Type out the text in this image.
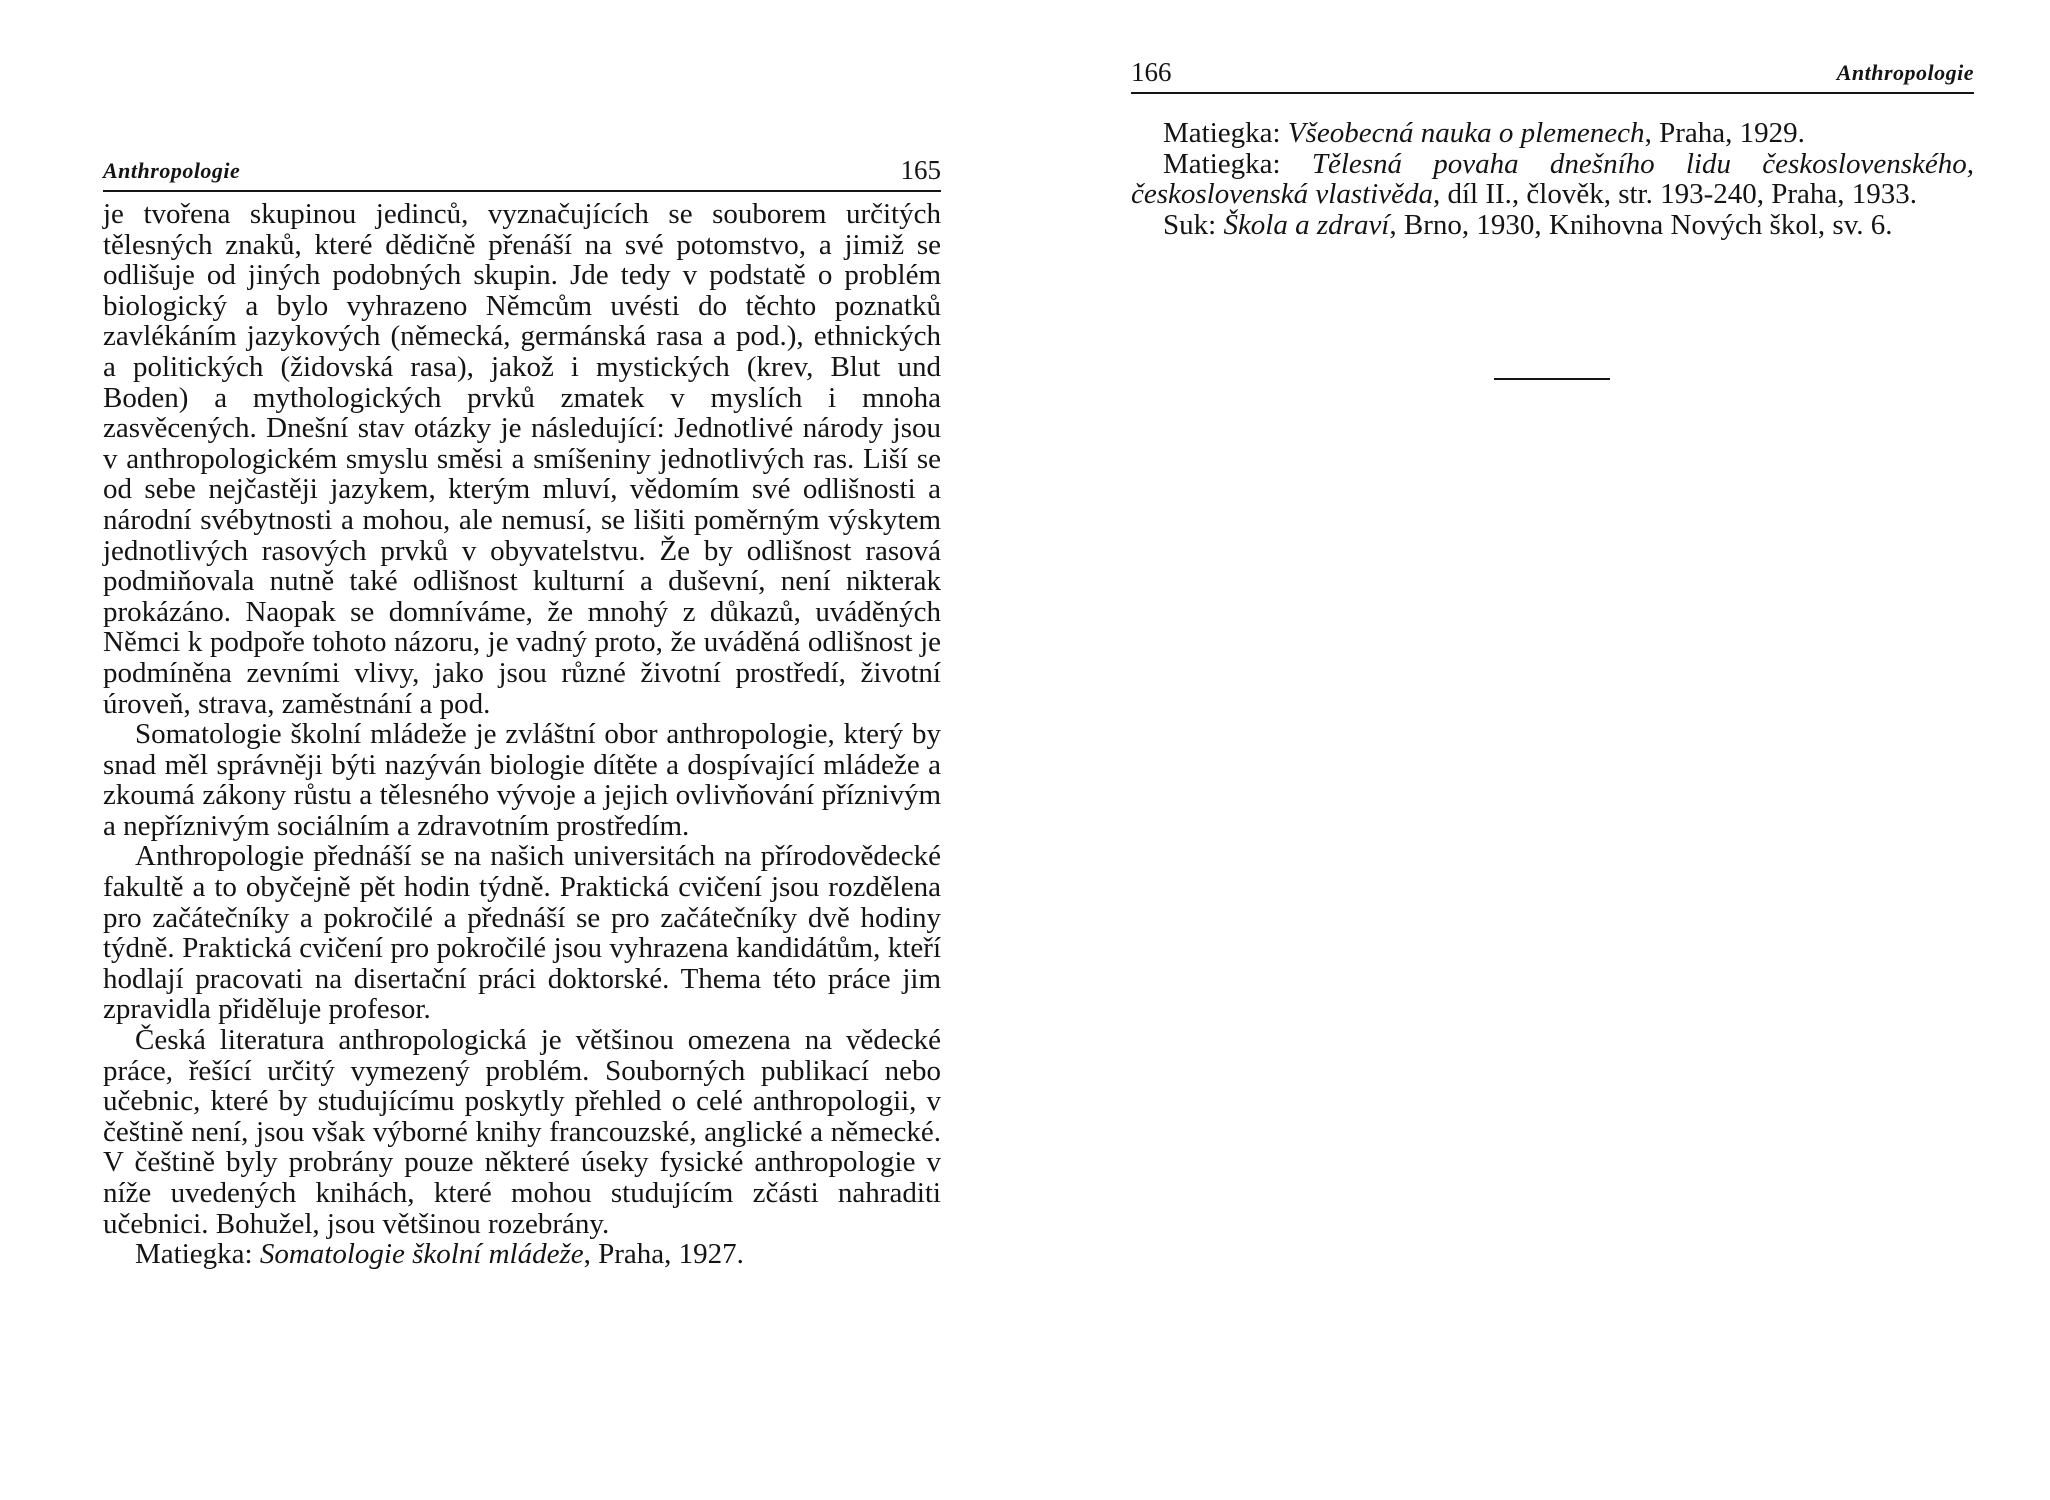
Anthropologie	165

je tvořena skupinou jedinců, vyznačujících se souborem určitých tělesných znaků, které dědičně přenáší na své potomstvo, a jimiž se odlišuje od jiných podobných skupin. Jde tedy v podstatě o problém biologický a bylo vyhrazeno Němcům uvésti do těchto poznatků zavlékáním jazykových (německá, germánská rasa a pod.), ethnických a politických (židovská rasa), jakož i mystických (krev, Blut und Boden) a mythologických prvků zmatek v myslích i mnoha zasvěcených. Dnešní stav otázky je následující: Jednotlivé národy jsou v anthropologickém smyslu směsi a smíšeniny jednotlivých ras. Liší se od sebe nejčastěji jazykem, kterým mluví, vědomím své odlišnosti a národní svébytnosti a mohou, ale nemusí, se lišiti poměrným výskytem jednotlivých rasových prvků v obyvatelstvu. Že by odlišnost rasová podmiňovala nutně také odlišnost kulturní a duševní, není nikterak prokázáno. Naopak se domníváme, že mnohý z důkazů, uváděných Němci k podpoře tohoto názoru, je vadný proto, že uváděná odlišnost je podmíněna zevními vlivy, jako jsou různé životní prostředí, životní úroveň, strava, zaměstnání a pod.

Somatologie školní mládeže je zvláštní obor anthropologie, který by snad měl správněji býti nazýván biologie dítěte a dospívající mládeže a zkoumá zákony růstu a tělesného vývoje a jejich ovlivňování příznivým a nepříznivým sociálním a zdravotním prostředím.

Anthropologie přednáší se na našich universitách na přírodovědecké fakultě a to obyčejně pět hodin týdně. Praktická cvičení jsou rozdělena pro začátečníky a pokročilé a přednáší se pro začátečníky dvě hodiny týdně. Praktická cvičení pro pokročilé jsou vyhrazena kandidátům, kteří hodlají pracovati na disertační práci doktorské. Thema této práce jim zpravidla přiděluje profesor.

Česká literatura anthropologická je většinou omezena na vědecké práce, řešící určitý vymezený problém. Souborných publikací nebo učebnic, které by studujícímu poskytly přehled o celé anthropologii, v češtině není, jsou však výborné knihy francouzské, anglické a německé. V češtině byly probrány pouze některé úseky fysické anthropologie v níže uvedených knihách, které mohou studujícím zčásti nahraditi učebnici. Bohužel, jsou většinou rozebrány.

Matiegka: Somatologie školní mládeže, Praha, 1927.

166	Anthropologie

Matiegka: Všeobecná nauka o plemenech, Praha, 1929.

Matiegka: Tělesná povaha dnešního lidu československého, československá vlastivěda, díl II., člověk, str. 193-240, Praha, 1933.

Suk: Škola a zdraví, Brno, 1930, Knihovna Nových škol, sv. 6.
